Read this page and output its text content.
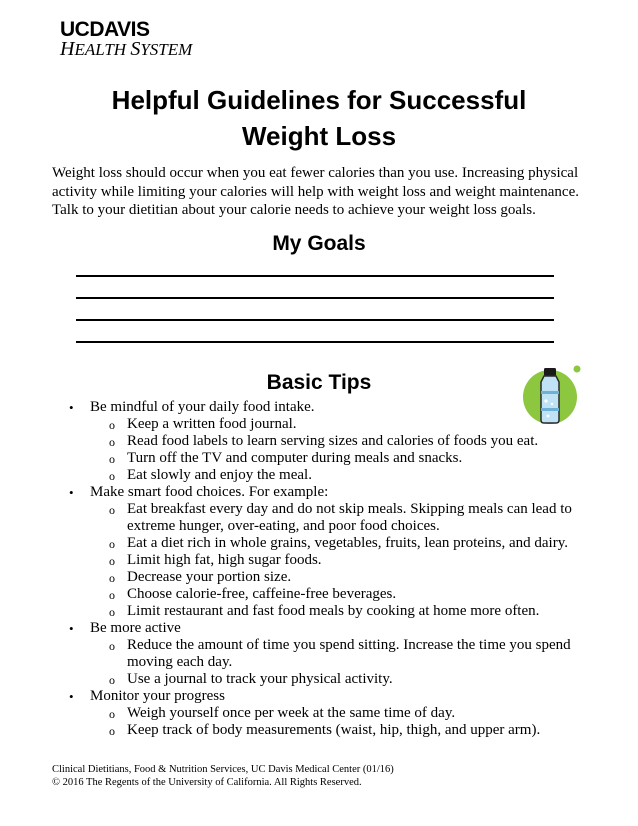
UCDAVIS
HEALTH SYSTEM
Helpful Guidelines for Successful
Weight Loss
Weight loss should occur when you eat fewer calories than you use. Increasing physical
activity while limiting your calories will help with weight loss and weight maintenance.
Talk to your dietitian about your calorie needs to achieve your weight loss goals.
My Goals
Basic Tips
• Be mindful of your daily food intake.
o Keep a written food journal.
o Read food labels to learn serving sizes and calories of foods you eat.
o Turn off the TV and computer during meals and snacks.
o Eat slowly and enjoy the meal.
• Make smart food choices. For example:
o Eat breakfast every day and do not skip meals. Skipping meals can lead to
extreme hunger, over-eating, and poor food choices.
o Eat a diet rich in whole grains, vegetables, fruits, lean proteins, and dairy.
o Limit high fat, high sugar foods.
o Decrease your portion size.
o Choose calorie-free, caffeine-free beverages.
o Limit restaurant and fast food meals by cooking at home more often.
• Be more active
o Reduce the amount of time you spend sitting. Increase the time you spend
moving each day.
o Use a journal to track your physical activity.
• Monitor your progress
o Weigh yourself once per week at the same time of day.
o Keep track of body measurements (waist, hip, thigh, and upper arm).
Clinical Dietitians, Food & Nutrition Services, UC Davis Medical Center (01/16)
© 2016 The Regents of the University of California. All Rights Reserved.
